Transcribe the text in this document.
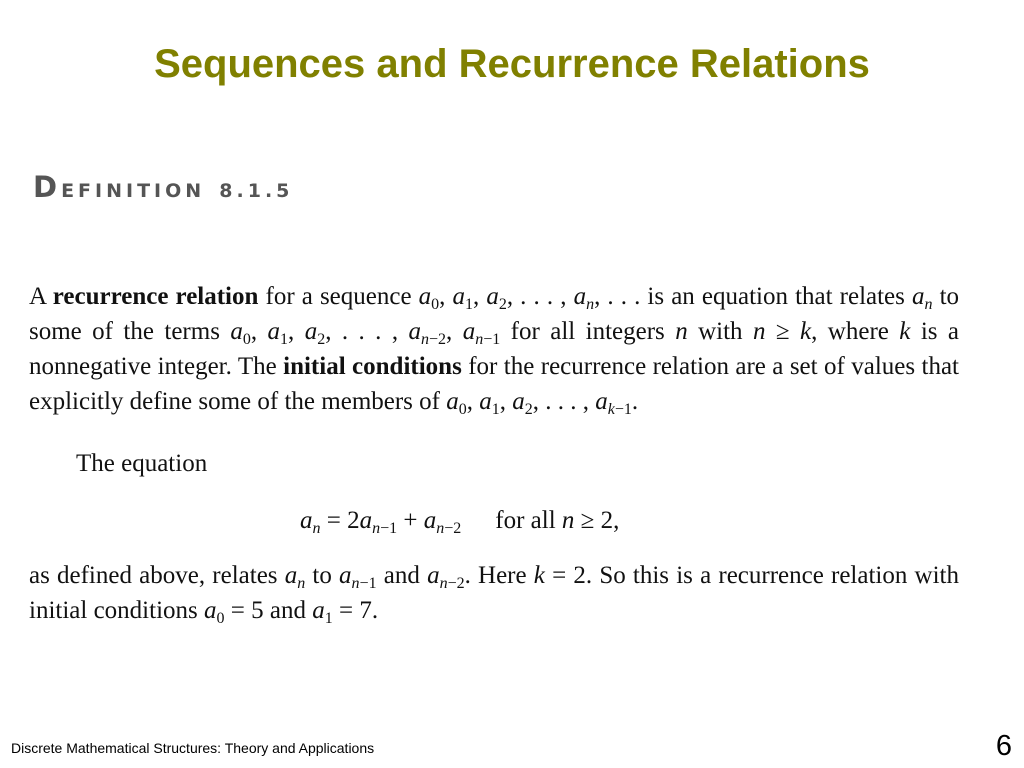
Sequences and Recurrence Relations
DEFINITION 8.1.5

A recurrence relation for a sequence $a_0$, $a_1$, $a_2$, . . . , $a_n$, . . . is an equation that relates $a_n$ to some of the terms $a_0$, $a_1$, $a_2$, . . . , $a_{n-2}$, $a_{n-1}$ for all integers n with n ≥ k, where k is a nonnegative integer. The initial conditions for the recurrence relation are a set of values that explicitly define some of the members of $a_0$, $a_1$, $a_2$, . . . , $a_{k-1}$.

The equation

$a_n = 2a_{n-1} + a_{n-2}$ for all n ≥ 2,

as defined above, relates $a_n$ to $a_{n-1}$ and $a_{n-2}$. Here k = 2. So this is a recurrence relation with initial conditions $a_0 = 5$ and $a_1 = 7$.

Discrete Mathematical Structures: Theory and Applications	6
